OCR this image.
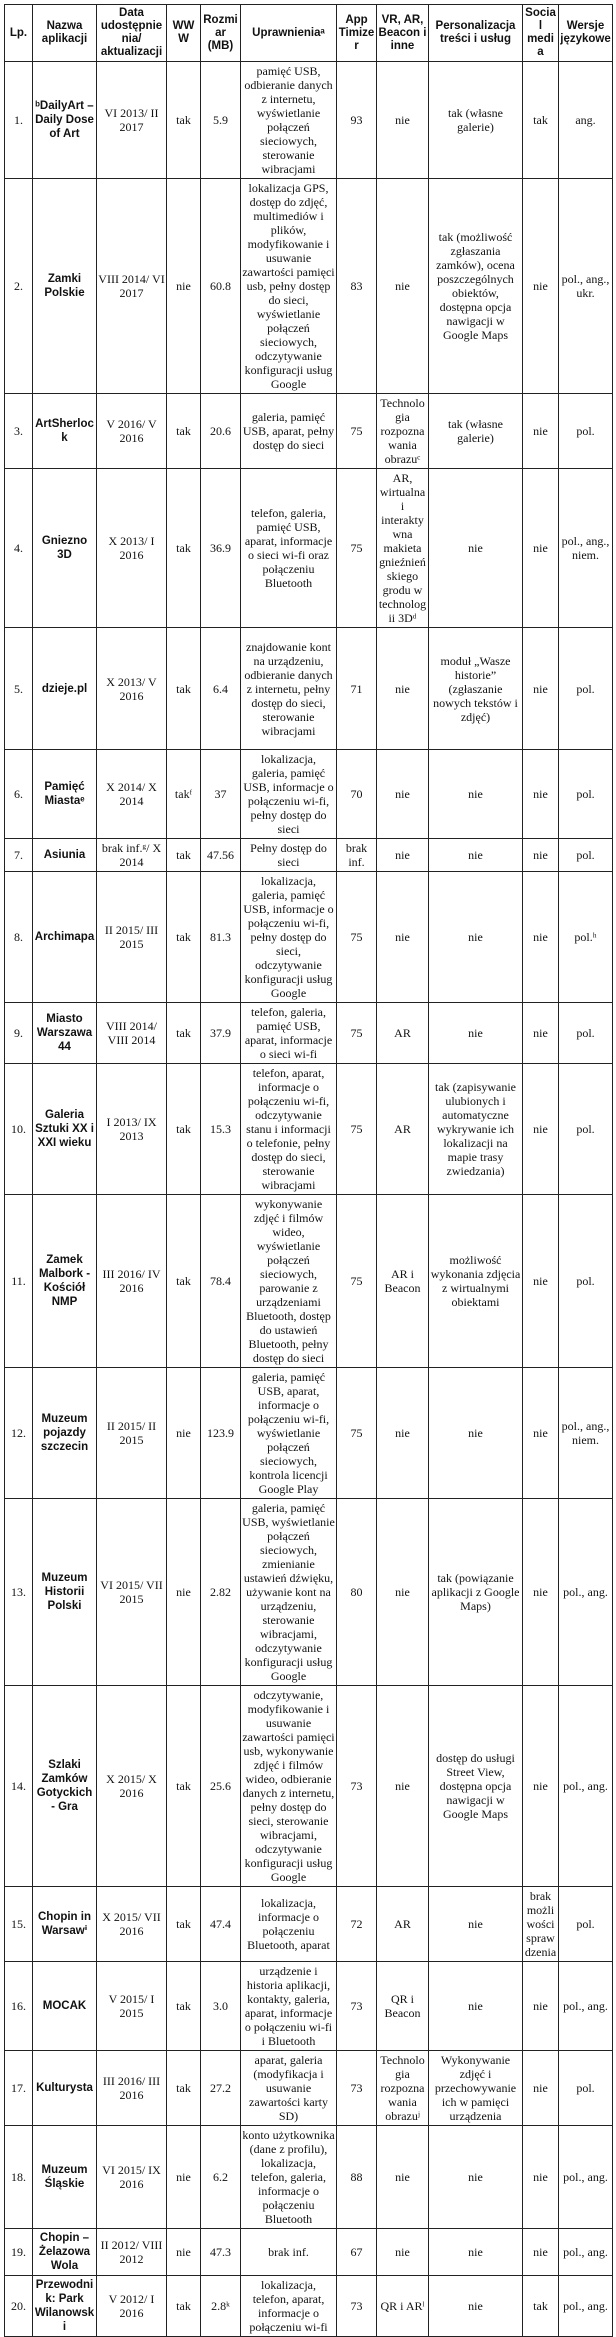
Lp.	Nazwa aplikacji	Data udostępnienia/ aktualizacji	WWW	Rozmiar (MB)	Uprawnieniaᵃ	App Timizer	VR, AR, Beacon i inne	Personalizacja treści i usług	Social media	Wersje językowe
1.	ᵇDailyArt – Daily Dose of Art	VI 2013/ II 2017	tak	5.9	pamięć USB, odbieranie danych z internetu, wyświetlanie połączeń sieciowych, sterowanie wibracjami	93	nie	tak (własne galerie)	tak	ang.
2.	Zamki Polskie	VIII 2014/ VI 2017	nie	60.8	lokalizacja GPS, dostęp do zdjęć, multimediów i plików, modyfikowanie i usuwanie zawartości pamięci usb, pełny dostęp do sieci, wyświetlanie połączeń sieciowych, odczytywanie konfiguracji usług Google	83	nie	tak (możliwość zgłaszania zamków), ocena poszczególnych obiektów, dostępna opcja nawigacji w Google Maps	nie	pol., ang., ukr.
3.	ArtSherlock	V 2016/ V 2016	tak	20.6	galeria, pamięć USB, aparat, pełny dostęp do sieci	75	Technologia rozpoznawania obrazuᶜ	tak (własne galerie)	nie	pol.
4.	Gniezno 3D	X 2013/ I 2016	tak	36.9	telefon, galeria, pamięć USB, aparat, informacje o sieci wi-fi oraz połączeniu Bluetooth	75	AR, wirtualna i interaktywna makieta gnieźnieńskiego grodu w technologii 3Dᵈ	nie	nie	pol., ang., niem.
5.	dzieje.pl	X 2013/ V 2016	tak	6.4	znajdowanie kont na urządzeniu, odbieranie danych z internetu, pełny dostęp do sieci, sterowanie wibracjami	71	nie	moduł „Wasze historie” (zgłaszanie nowych tekstów i zdjęć)	nie	pol.
6.	Pamięć Miastaᵉ	X 2014/ X 2014	takᶠ	37	lokalizacja, galeria, pamięć USB, informacje o połączeniu wi-fi, pełny dostęp do sieci	70	nie	nie	nie	pol.
7.	Asiunia	brak inf.ᵍ/ X 2014	tak	47.56	Pełny dostęp do sieci	brak inf.	nie	nie	nie	pol.
8.	Archimapa	II 2015/ III 2015	tak	81.3	lokalizacja, galeria, pamięć USB, informacje o połączeniu wi-fi, pełny dostęp do sieci, odczytywanie konfiguracji usług Google	75	nie	nie	nie	pol.ʰ
9.	Miasto Warszawa 44	VIII 2014/ VIII 2014	tak	37.9	telefon, galeria, pamięć USB, aparat, informacje o sieci wi-fi	75	AR	nie	nie	pol.
10.	Galeria Sztuki XX i XXI wieku	I 2013/ IX 2013	tak	15.3	telefon, aparat, informacje o połączeniu wi-fi, odczytywanie stanu i informacji o telefonie, pełny dostęp do sieci, sterowanie wibracjami	75	AR	tak (zapisywanie ulubionych i automatyczne wykrywanie ich lokalizacji na mapie trasy zwiedzania)	nie	pol.
11.	Zamek Malbork - Kościół NMP	III 2016/ IV 2016	tak	78.4	wykonywanie zdjęć i filmów wideo, wyświetlanie połączeń sieciowych, parowanie z urządzeniami Bluetooth, dostęp do ustawień Bluetooth, pełny dostęp do sieci	75	AR i Beacon	możliwość wykonania zdjęcia z wirtualnymi obiektami	nie	pol.
12.	Muzeum pojazdy szczecin	II 2015/ II 2015	nie	123.9	galeria, pamięć USB, aparat, informacje o połączeniu wi-fi, wyświetlanie połączeń sieciowych, kontrola licencji Google Play	75	nie	nie	nie	pol., ang., niem.
13.	Muzeum Historii Polski	VI 2015/ VII 2015	nie	2.82	galeria, pamięć USB, wyświetlanie połączeń sieciowych, zmienianie ustawień dźwięku, używanie kont na urządzeniu, sterowanie wibracjami, odczytywanie konfiguracji usług Google	80	nie	tak (powiązanie aplikacji z Google Maps)	nie	pol., ang.
14.	Szlaki Zamków Gotyckich - Gra	X 2015/ X 2016	tak	25.6	odczytywanie, modyfikowanie i usuwanie zawartości pamięci usb, wykonywanie zdjęć i filmów wideo, odbieranie danych z internetu, pełny dostęp do sieci, sterowanie wibracjami, odczytywanie konfiguracji usług Google	73	nie	dostęp do usługi Street View, dostępna opcja nawigacji w Google Maps	nie	pol., ang.
15.	Chopin in Warsawⁱ	X 2015/ VII 2016	tak	47.4	lokalizacja, informacje o połączeniu Bluetooth, aparat	72	AR	nie	brak możliwości sprawdzenia	pol.
16.	MOCAK	V 2015/ I 2015	tak	3.0	urządzenie i historia aplikacji, kontakty, galeria, aparat, informacje o połączeniu wi-fi i Bluetooth	73	QR i Beacon	nie	nie	pol., ang.
17.	Kulturysta	III 2016/ III 2016	tak	27.2	aparat, galeria (modyfikacja i usuwanie zawartości karty SD)	73	Technologia rozpoznawania obrazuʲ	Wykonywanie zdjęć i przechowywanie ich w pamięci urządzenia	nie	pol.
18.	Muzeum Śląskie	VI 2015/ IX 2016	nie	6.2	konto użytkownika (dane z profilu), lokalizacja, telefon, galeria, informacje o połączeniu Bluetooth	88	nie	nie	nie	pol., ang.
19.	Chopin – Żelazowa Wola	II 2012/ VIII 2012	nie	47.3	brak inf.	67	nie	nie	nie	pol., ang.
20.	Przewodnik: Park Wilanowski	V 2012/ I 2016	tak	2.8ᵏ	lokalizacja, telefon, aparat, informacje o połączeniu wi-fi	73	QR i ARˡ	nie	tak	pol., ang.
